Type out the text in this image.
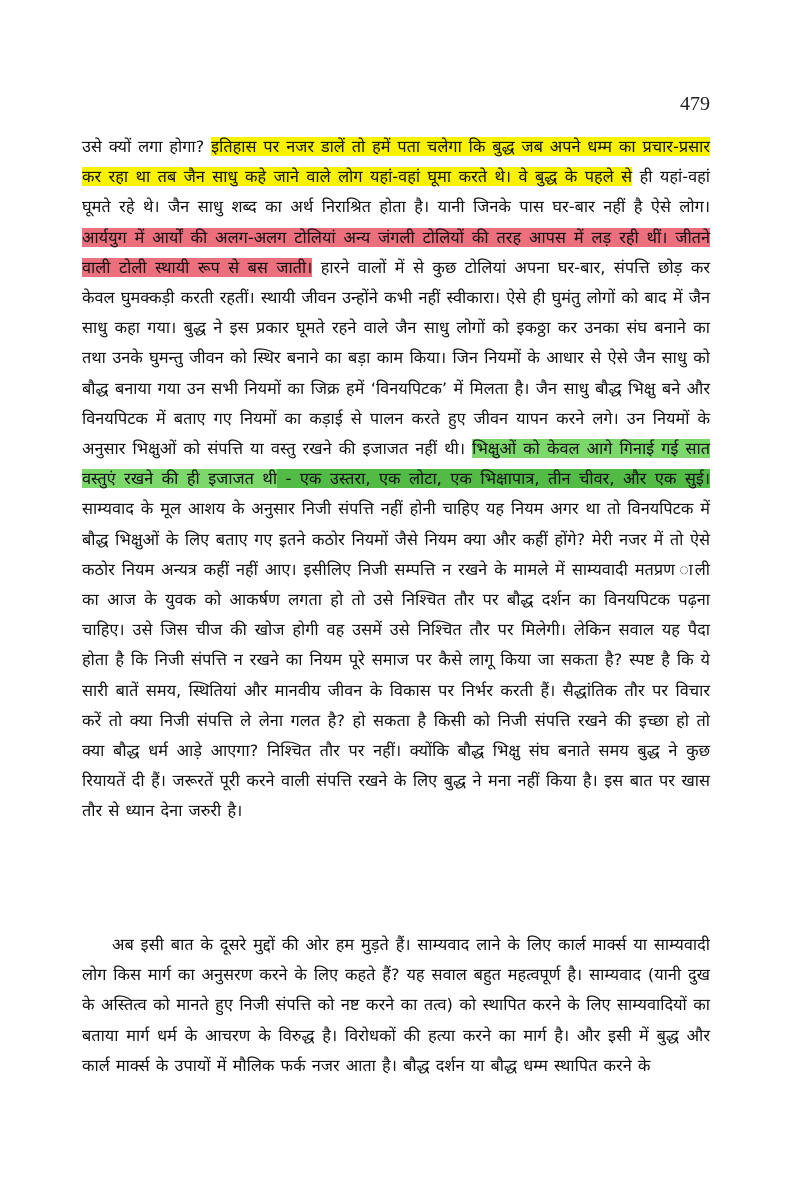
479

उसे क्यों लगा होगा? इतिहास पर नजर डालें तो हमें पता चलेगा कि बुद्ध जब अपने धम्म का प्रचार-प्रसार कर रहा था तब जैन साधु कहे जाने वाले लोग यहां-वहां घूमा करते थे। वे बुद्ध के पहले से ही यहां-वहां घूमते रहे थे। जैन साधु शब्द का अर्थ निराश्रित होता है। यानी जिनके पास घर-बार नहीं है ऐसे लोग। आर्ययुग में आर्यों की अलग-अलग टोलियां अन्य जंगली टोलियों की तरह आपस में लड़ रही थीं। जीतने वाली टोली स्थायी रूप से बस जाती। हारने वालों में से कुछ टोलियां अपना घर-बार, संपत्ति छोड़ कर केवल घुमक्कड़ी करती रहतीं। स्थायी जीवन उन्होंने कभी नहीं स्वीकारा। ऐसे ही घुमंतु लोगों को बाद में जैन साधु कहा गया। बुद्ध ने इस प्रकार घूमते रहने वाले जैन साधु लोगों को इकठ्ठा कर उनका संघ बनाने का तथा उनके घुमन्तु जीवन को स्थिर बनाने का बड़ा काम किया। जिन नियमों के आधार से ऐसे जैन साधु को बौद्ध बनाया गया उन सभी नियमों का जिक्र हमें ‘विनयपिटक’ में मिलता है। जैन साधु बौद्ध भिक्षु बने और विनयपिटक में बताए गए नियमों का कड़ाई से पालन करते हुए जीवन यापन करने लगे। उन नियमों के अनुसार भिक्षुओं को संपत्ति या वस्तु रखने की इजाजत नहीं थी। भिक्षुओं को केवल आगे गिनाई गई सात वस्तुएं रखने की ही इजाजत थी - एक उस्तरा, एक लोटा, एक भिक्षापात्र, तीन चीवर, और एक सुई। साम्यवाद के मूल आशय के अनुसार निजी संपत्ति नहीं होनी चाहिए यह नियम अगर था तो विनयपिटक में बौद्ध भिक्षुओं के लिए बताए गए इतने कठोर नियमों जैसे नियम क्या और कहीं होंगे? मेरी नजर में तो ऐसे कठोर नियम अन्यत्र कहीं नहीं आए। इसीलिए निजी सम्पत्ति न रखने के मामले में साम्यवादी मतप्रण ाली का आज के युवक को आकर्षण लगता हो तो उसे निश्चित तौर पर बौद्ध दर्शन का विनयपिटक पढ़ना चाहिए। उसे जिस चीज की खोज होगी वह उसमें उसे निश्चित तौर पर मिलेगी। लेकिन सवाल यह पैदा होता है कि निजी संपत्ति न रखने का नियम पूरे समाज पर कैसे लागू किया जा सकता है? स्पष्ट है कि ये सारी बातें समय, स्थितियां और मानवीय जीवन के विकास पर निर्भर करती हैं। सैद्धांतिक तौर पर विचार करें तो क्या निजी संपत्ति ले लेना गलत है? हो सकता है किसी को निजी संपत्ति रखने की इच्छा हो तो क्या बौद्ध धर्म आड़े आएगा? निश्चित तौर पर नहीं। क्योंकि बौद्ध भिक्षु संघ बनाते समय बुद्ध ने कुछ रियायतें दी हैं। जरूरतें पूरी करने वाली संपत्ति रखने के लिए बुद्ध ने मना नहीं किया है। इस बात पर खास तौर से ध्यान देना जरुरी है।

अब इसी बात के दूसरे मुद्दों की ओर हम मुड़ते हैं। साम्यवाद लाने के लिए कार्ल मार्क्स या साम्यवादी लोग किस मार्ग का अनुसरण करने के लिए कहते हैं? यह सवाल बहुत महत्वपूर्ण है। साम्यवाद (यानी दुख के अस्तित्व को मानते हुए निजी संपत्ति को नष्ट करने का तत्व) को स्थापित करने के लिए साम्यवादियों का बताया मार्ग धर्म के आचरण के विरुद्ध है। विरोधकों की हत्या करने का मार्ग है। और इसी में बुद्ध और कार्ल मार्क्स के उपायों में मौलिक फर्क नजर आता है। बौद्ध दर्शन या बौद्ध धम्म स्थापित करने के
